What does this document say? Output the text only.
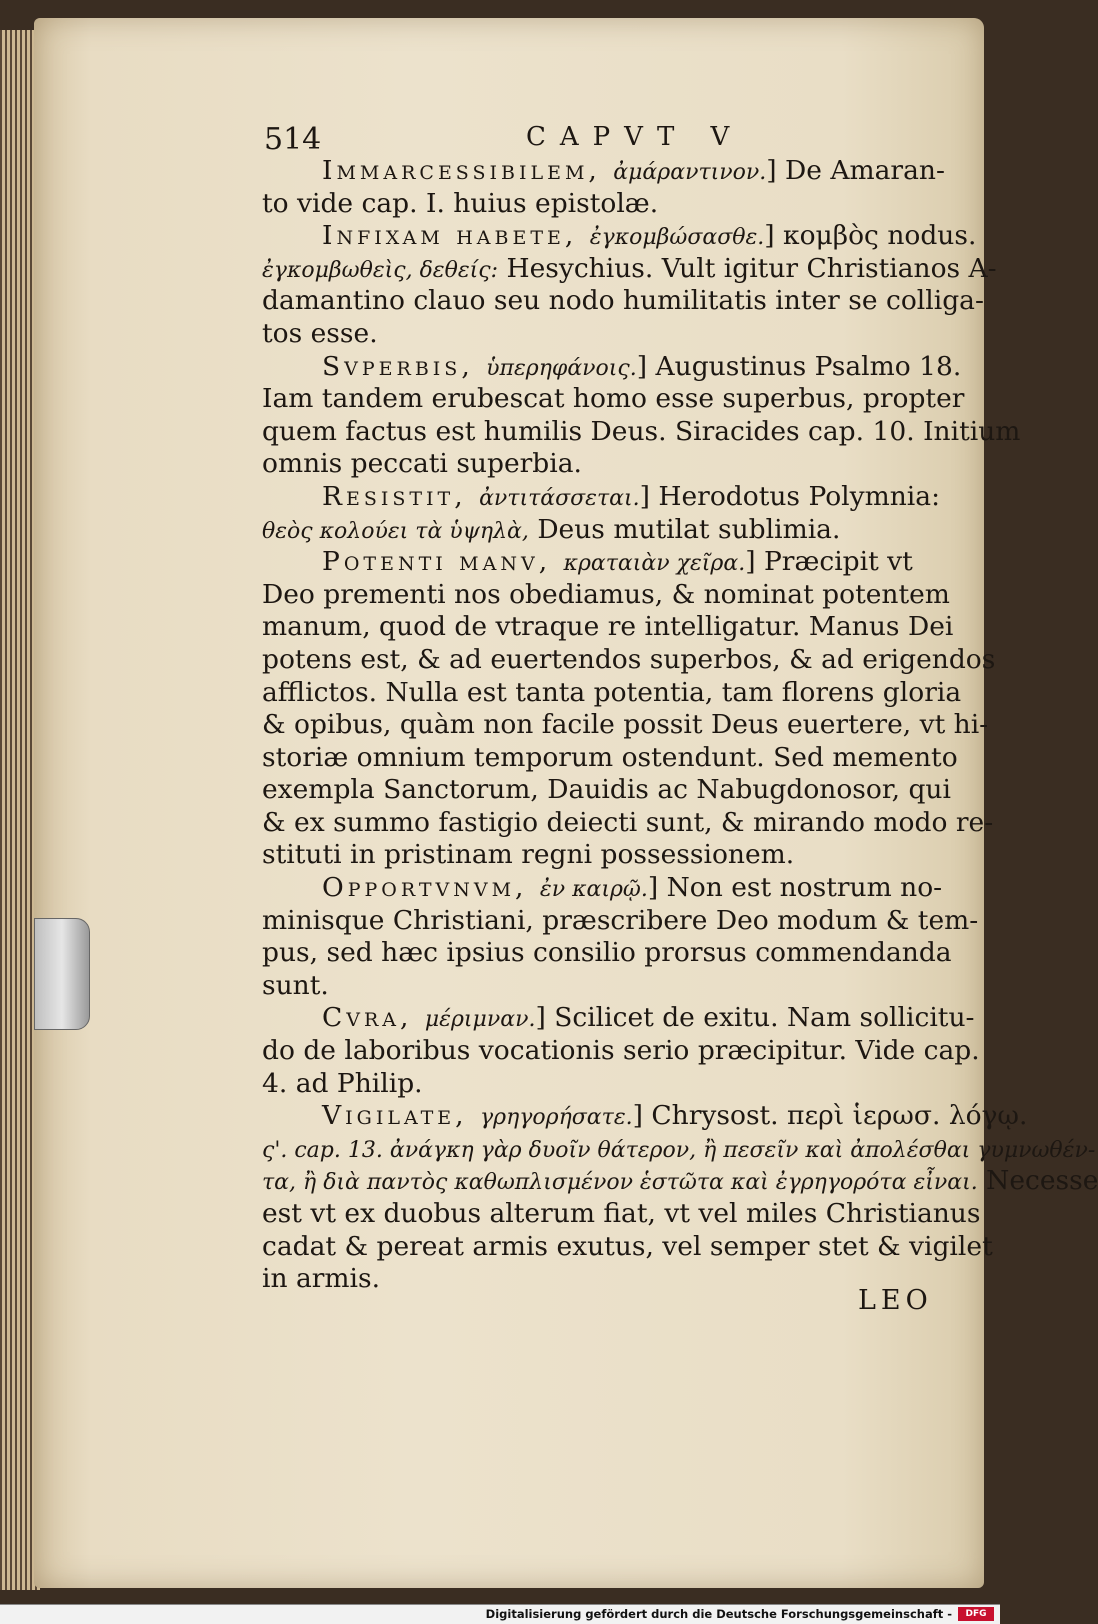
514	CAPVT V
Immarcessibilem, ἀμάραντινον.] De Amaran-
to vide cap. I. huius epistolæ.
Infixam habete, ἐγκομβώσασθε.] κομβὸς nodus.
ἐγκομβωθεὶς, δεθείς: Hesychius. Vult igitur Christianos A-
damantino clauo seu nodo humilitatis inter se colliga-
tos esse.
Svperbis, ὑπερηφάνοις.] Augustinus Psalmo 18.
Iam tandem erubescat homo esse superbus, propter
quem factus est humilis Deus. Siracides cap. 10. Initium
omnis peccati superbia.
Resistit, ἀντιτάσσεται.] Herodotus Polymnia:
θεὸς κολούει τὰ ὑψηλὰ, Deus mutilat sublimia.
Potenti manv, κραταιὰν χεῖρα.] Præcipit vt
Deo prementi nos obediamus, & nominat potentem
manum, quod de vtraque re intelligatur. Manus Dei
potens est, & ad euertendos superbos, & ad erigendos
afflictos. Nulla est tanta potentia, tam florens gloria
& opibus, quàm non facile possit Deus euertere, vt hi-
storiæ omnium temporum ostendunt. Sed memento
exempla Sanctorum, Dauidis ac Nabugdonosor, qui
& ex summo fastigio deiecti sunt, & mirando modo re-
stituti in pristinam regni possessionem.
Opportvnvm, ἐν καιρῷ.] Non est nostrum no-
minisque Christiani, præscribere Deo modum & tem-
pus, sed hæc ipsius consilio prorsus commendanda
sunt.
Cvra, μέριμναν.] Scilicet de exitu. Nam sollicitu-
do de laboribus vocationis serio præcipitur. Vide cap.
4. ad Philip.
Vigilate, γρηγορήσατε.] Chrysost. περὶ ἱερωσ. λόγῳ.
ς'. cap. 13. ἀνάγκη γὰρ δυοῖν θάτερον, ἢ πεσεῖν καὶ ἀπολέσθαι γυμνωθέν-
τα, ἢ διὰ παντὸς καθωπλισμένον ἑστῶτα καὶ ἐγρηγορότα εἶναι. Necesse
est vt ex duobus alterum fiat, vt vel miles Christianus
cadat & pereat armis exutus, vel semper stet & vigilet
in armis.
LEO
Digitalisierung gefördert durch die Deutsche Forschungsgemeinschaft -	DFG
